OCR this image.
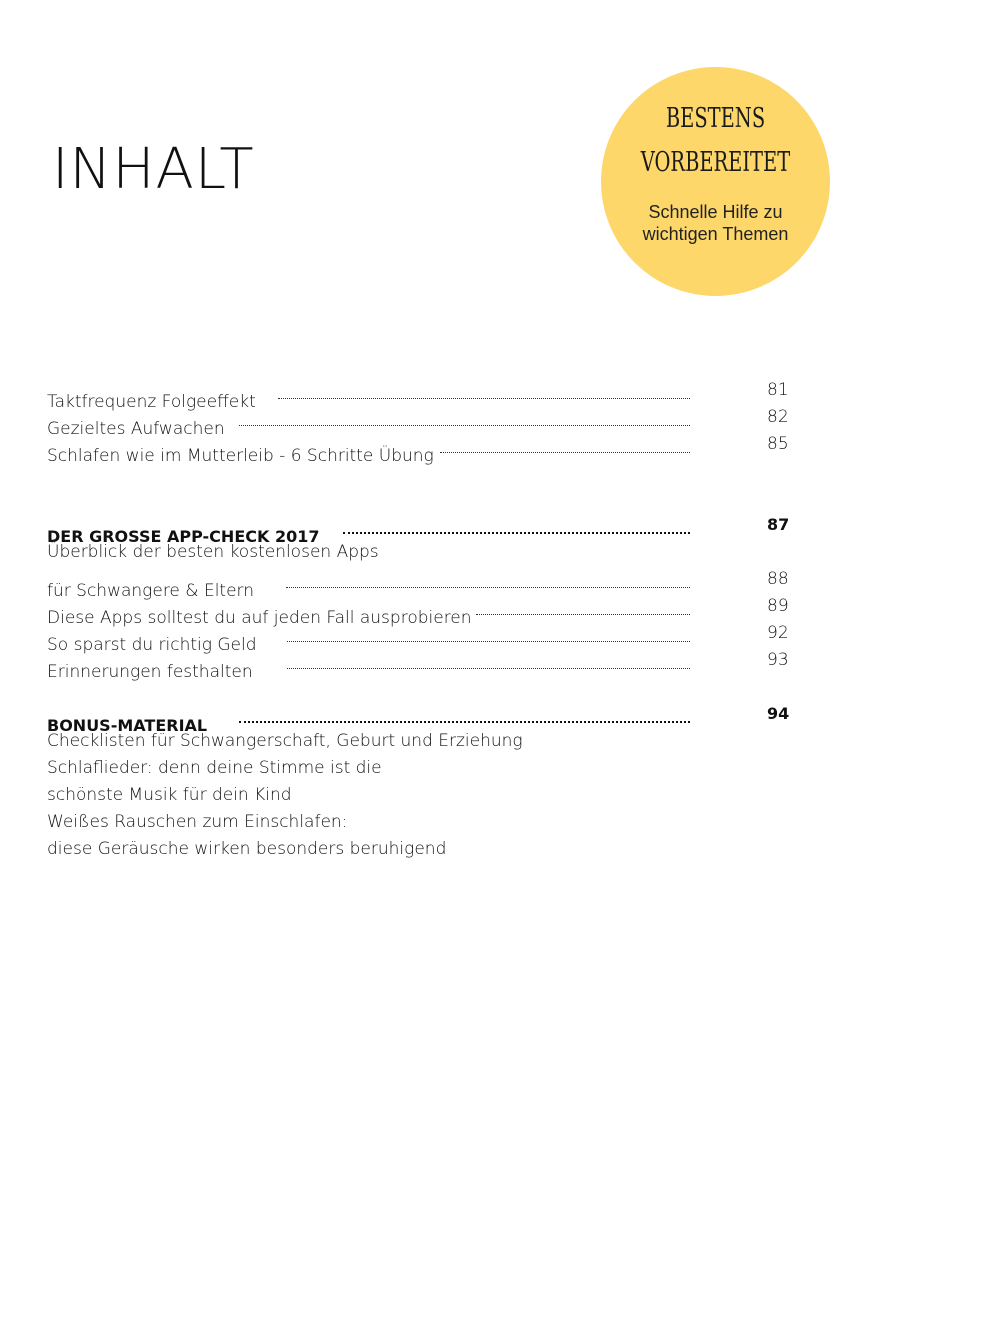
INHALT
BESTENS
VORBEREITET
Schnelle Hilfe zu
wichtigen Themen
Taktfrequenz Folgeeffekt
81
Gezieltes Aufwachen
82
Schlafen wie im Mutterleib - 6 Schritte Übung
85
DER GROSSE APP-CHECK 2017
87
Überblick der besten kostenlosen Apps
für Schwangere & Eltern
88
Diese Apps solltest du auf jeden Fall ausprobieren
89
So sparst du richtig Geld
92
Erinnerungen festhalten
93
BONUS-MATERIAL
94
Checklisten für Schwangerschaft, Geburt und Erziehung
Schlaflieder: denn deine Stimme ist die
schönste Musik für dein Kind
Weißes Rauschen zum Einschlafen:
diese Geräusche wirken besonders beruhigend
